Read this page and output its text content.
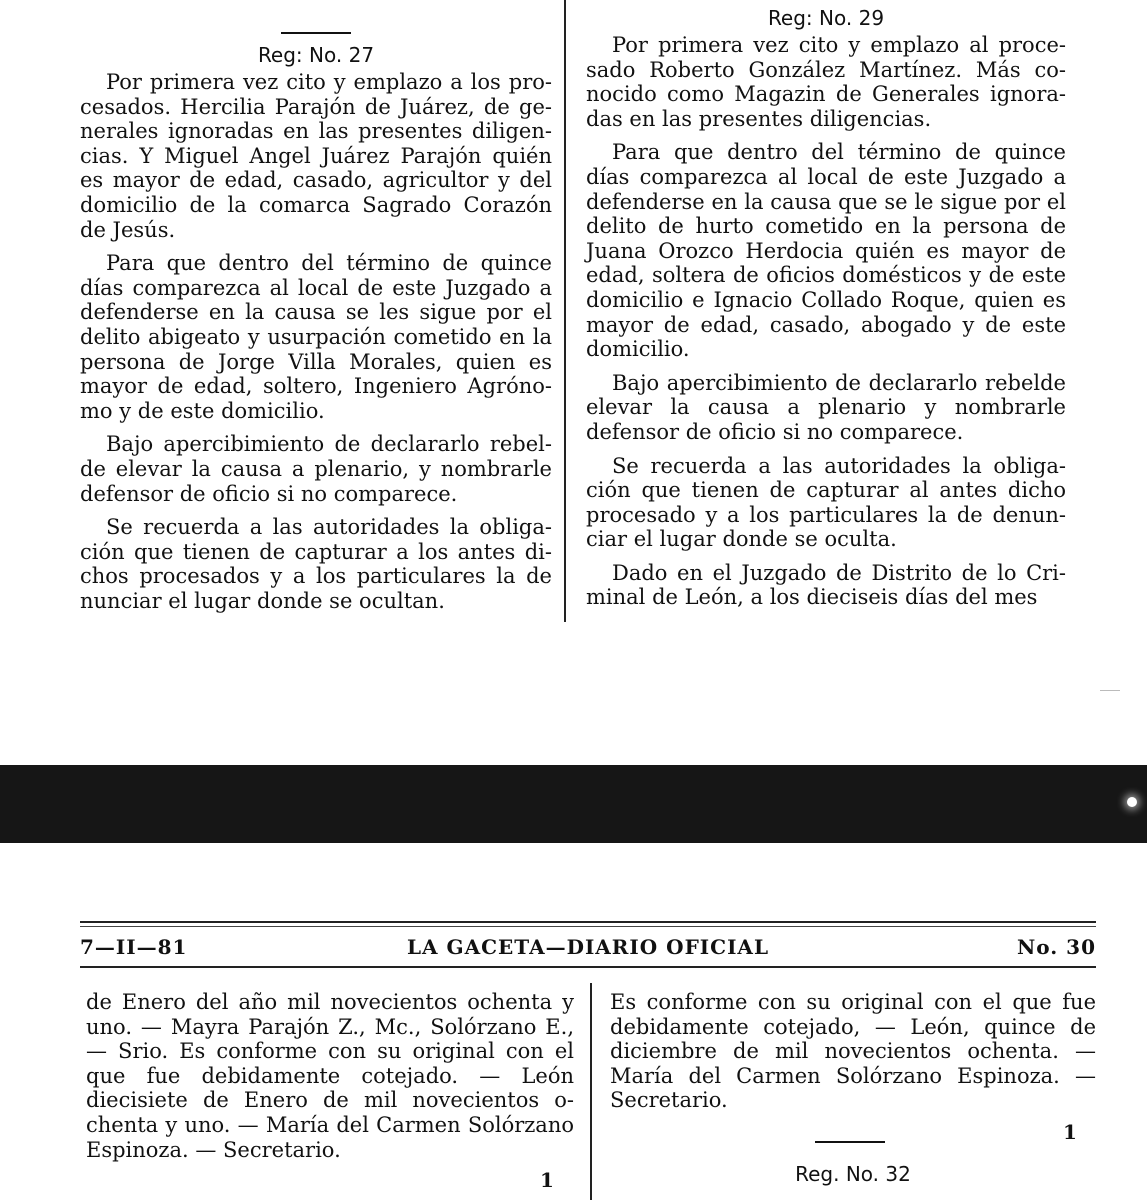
Reg: No. 27

Por primera vez cito y emplazo a los procesados. Hercilia Parajón de Juárez, de generales ignoradas en las presentes diligencias. Y Miguel Angel Juárez Parajón quién es mayor de edad, casado, agricultor y del domicilio de la comarca Sagrado Corazón de Jesús.

Para que dentro del término de quince días comparezca al local de este Juzgado a defenderse en la causa se les sigue por el delito abigeato y usurpación cometido en la persona de Jorge Villa Morales, quien es mayor de edad, soltero, Ingeniero Agrónomo y de este domicilio.

Bajo apercibimiento de declararlo rebelde elevar la causa a plenario, y nombrarle defensor de oficio si no comparece.

Se recuerda a las autoridades la obligación que tienen de capturar a los antes dichos procesados y a los particulares la de nunciar el lugar donde se ocultan.

Reg: No. 29

Por primera vez cito y emplazo al procesado Roberto González Martínez. Más conocido como Magazin de Generales ignoradas en las presentes diligencias.

Para que dentro del término de quince días comparezca al local de este Juzgado a defenderse en la causa que se le sigue por el delito de hurto cometido en la persona de Juana Orozco Herdocia quién es mayor de edad, soltera de oficios domésticos y de este domicilio e Ignacio Collado Roque, quien es mayor de edad, casado, abogado y de este domicilio.

Bajo apercibimiento de declararlo rebelde elevar la causa a plenario y nombrarle defensor de oficio si no comparece.

Se recuerda a las autoridades la obligación que tienen de capturar al antes dicho procesado y a los particulares la de denunciar el lugar donde se oculta.

Dado en el Juzgado de Distrito de lo Criminal de León, a los dieciseis días del mes

7—II—81	LA GACETA—DIARIO OFICIAL	No. 30

de Enero del año mil novecientos ochenta y uno. — Mayra Parajón Z., Mc., Solórzano E., — Srio. Es conforme con su original con el que fue debidamente cotejado. — León diecisiete de Enero de mil novecientos ochenta y uno. — María del Carmen Solórzano Espinoza. — Secretario.

1

Es conforme con su original con el que fue debidamente cotejado, — León, quince de diciembre de mil novecientos ochenta. — María del Carmen Solórzano Espinoza. — Secretario.

1
Reg. No. 32
